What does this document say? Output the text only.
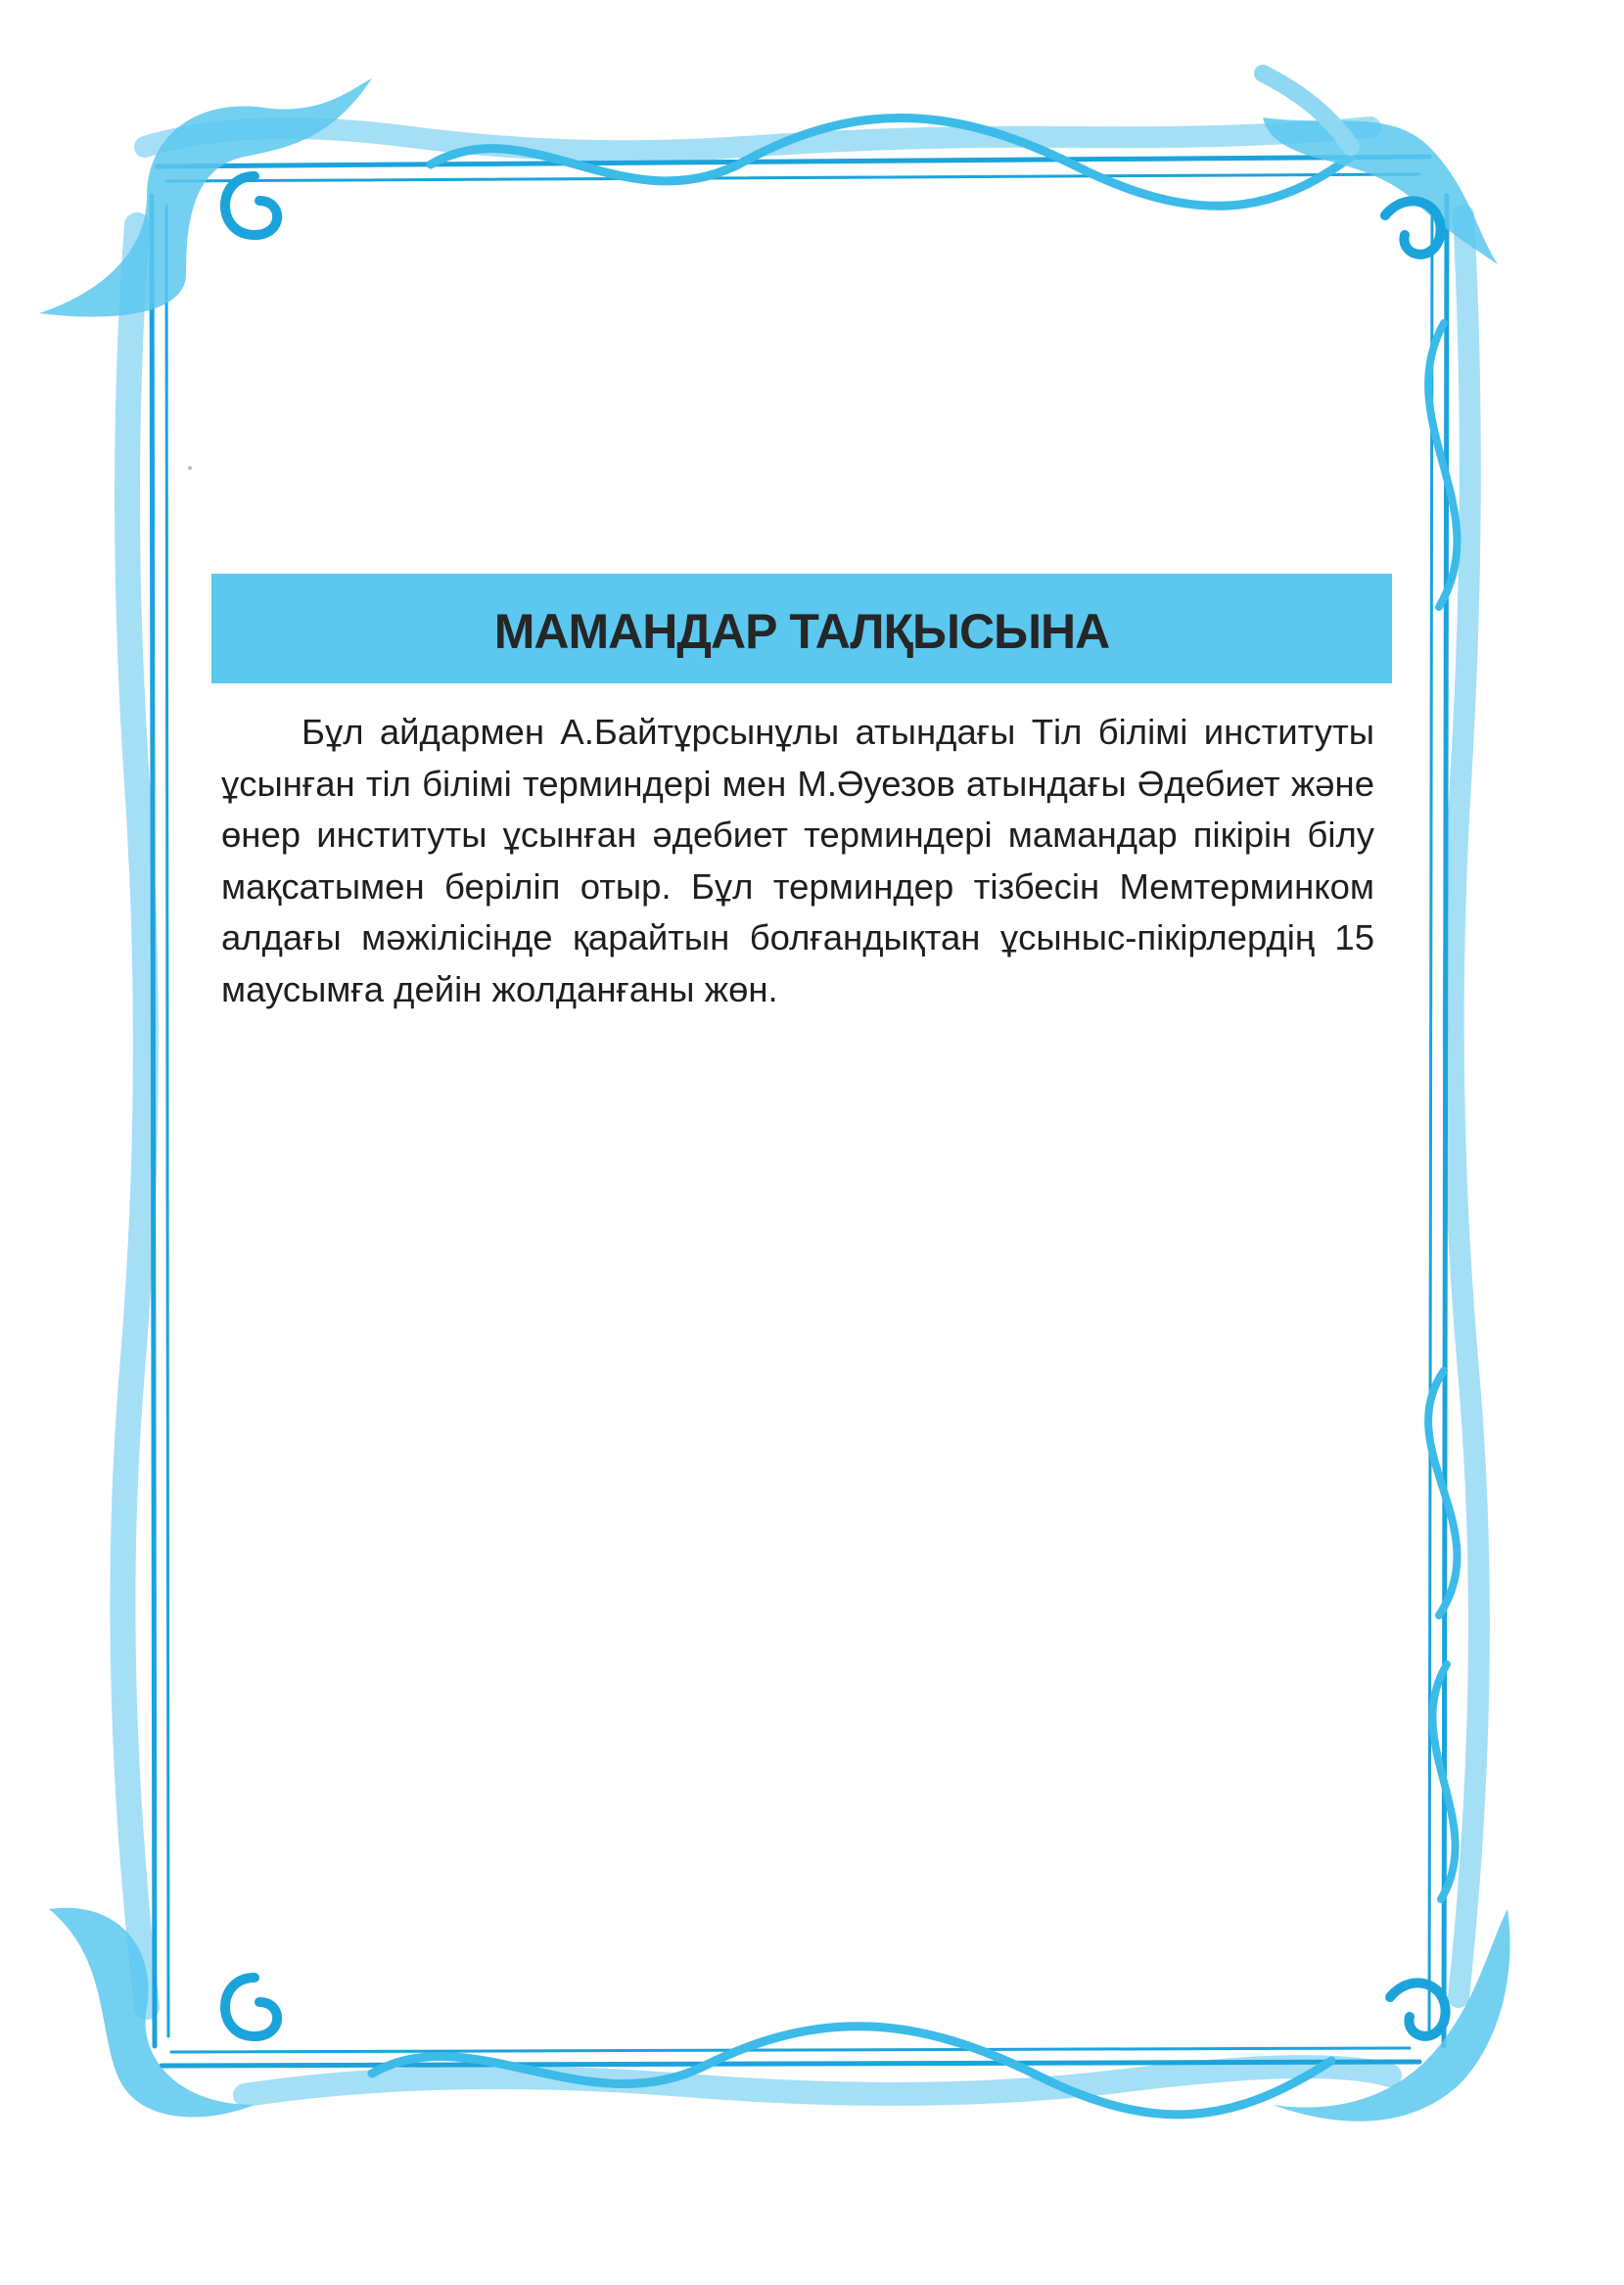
МАМАНДАР ТАЛҚЫСЫНА

Бұл айдармен А.Байтұрсынұлы атындағы Тіл білімі институты ұсынған тіл білімі терминдері мен М.Әуезов атындағы Әдебиет және өнер институты ұсынған әдебиет терминдері мамандар пікірін білу мақсатымен беріліп отыр. Бұл терминдер тізбесін Мемтерминком алдағы мәжілісінде қарайтын болғандықтан ұсыныс-пікірлердің 15 маусымға дейін жолданғаны жөн.
